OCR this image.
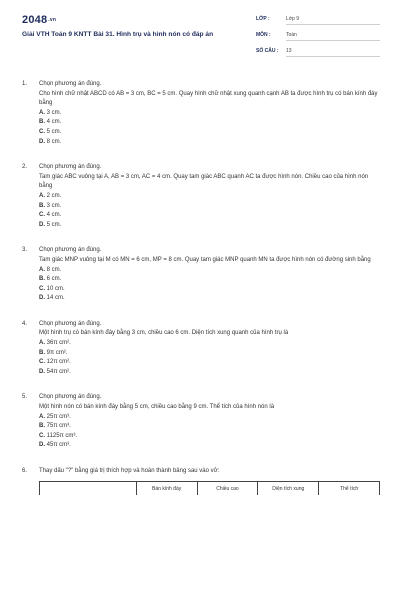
2048.vn
Giải VTH Toán 9 KNTT Bài 31. Hình trụ và hình nón có đáp án
LỚP :	Lớp 9
MÔN :	Toán
SỐ CÂU : 13
1. Chọn phương án đúng.
Cho hình chữ nhật ABCD có AB = 3 cm, BC = 5 cm. Quay hình chữ nhật xung quanh cạnh AB ta được hình trụ có bán kính đáy bằng
A. 3 cm.
B. 4 cm.
C. 5 cm.
D. 8 cm.
2. Chọn phương án đúng.
Tam giác ABC vuông tại A, AB = 3 cm, AC = 4 cm. Quay tam giác ABC quanh AC ta được hình nón. Chiều cao của hình nón bằng
A. 2 cm.
B. 3 cm.
C. 4 cm.
D. 5 cm.
3. Chọn phương án đúng.
Tam giác MNP vuông tại M có MN = 6 cm, MP = 8 cm. Quay tam giác MNP quanh MN ta được hình nón có đường sinh bằng
A. 8 cm.
B. 6 cm.
C. 10 cm.
D. 14 cm.
4. Chọn phương án đúng.
Một hình trụ có bán kính đáy bằng 3 cm, chiều cao 6 cm. Diện tích xung quanh của hình trụ là
A. 36π cm².
B. 9π cm².
C. 12π cm².
D. 54π cm².
5. Chọn phương án đúng.
Một hình nón có bán kính đáy bằng 5 cm, chiều cao bằng 9 cm. Thể tích của hình nón là
A. 25π cm³.
B. 75π cm³.
C. 1125π cm³.
D. 45π cm³.
6. Thay dấu "?" bằng giá trị thích hợp và hoàn thành bảng sau vào vở:
Bán kính đáy	Chiều cao	Diện tích xung	Thể tích
